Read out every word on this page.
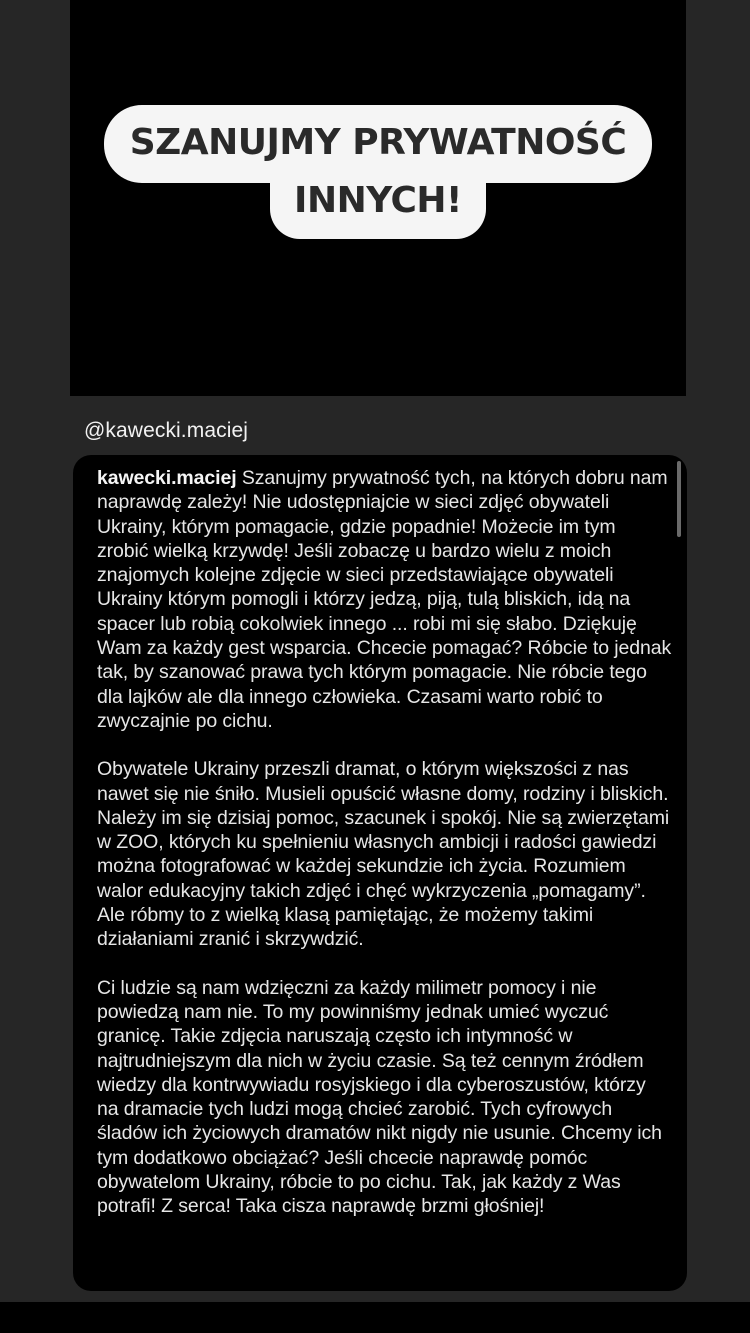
SZANUJMY PRYWATNOŚĆ
INNYCH!
@kawecki.maciej

kawecki.maciej Szanujmy prywatność tych, na których dobru nam naprawdę zależy! Nie udostępniajcie w sieci zdjęć obywateli Ukrainy, którym pomagacie, gdzie popadnie! Możecie im tym zrobić wielką krzywdę! Jeśli zobaczę u bardzo wielu z moich znajomych kolejne zdjęcie w sieci przedstawiające obywateli Ukrainy którym pomogli i którzy jedzą, piją, tulą bliskich, idą na spacer lub robią cokolwiek innego ... robi mi się słabo. Dziękuję Wam za każdy gest wsparcia. Chcecie pomagać? Róbcie to jednak tak, by szanować prawa tych którym pomagacie. Nie róbcie tego dla lajków ale dla innego człowieka. Czasami warto robić to zwyczajnie po cichu.

Obywatele Ukrainy przeszli dramat, o którym większości z nas nawet się nie śniło. Musieli opuścić własne domy, rodziny i bliskich. Należy im się dzisiaj pomoc, szacunek i spokój. Nie są zwierzętami w ZOO, których ku spełnieniu własnych ambicji i radości gawiedzi można fotografować w każdej sekundzie ich życia. Rozumiem walor edukacyjny takich zdjęć i chęć wykrzyczenia „pomagamy”. Ale róbmy to z wielką klasą pamiętając, że możemy takimi działaniami zranić i skrzywdzić.

Ci ludzie są nam wdzięczni za każdy milimetr pomocy i nie powiedzą nam nie. To my powinniśmy jednak umieć wyczuć granicę. Takie zdjęcia naruszają często ich intymność w najtrudniejszym dla nich w życiu czasie. Są też cennym źródłem wiedzy dla kontrwywiadu rosyjskiego i dla cyberoszustów, którzy na dramacie tych ludzi mogą chcieć zarobić. Tych cyfrowych śladów ich życiowych dramatów nikt nigdy nie usunie. Chcemy ich tym dodatkowo obciążać? Jeśli chcecie naprawdę pomóc obywatelom Ukrainy, róbcie to po cichu. Tak, jak każdy z Was potrafi! Z serca! Taka cisza naprawdę brzmi głośniej!
